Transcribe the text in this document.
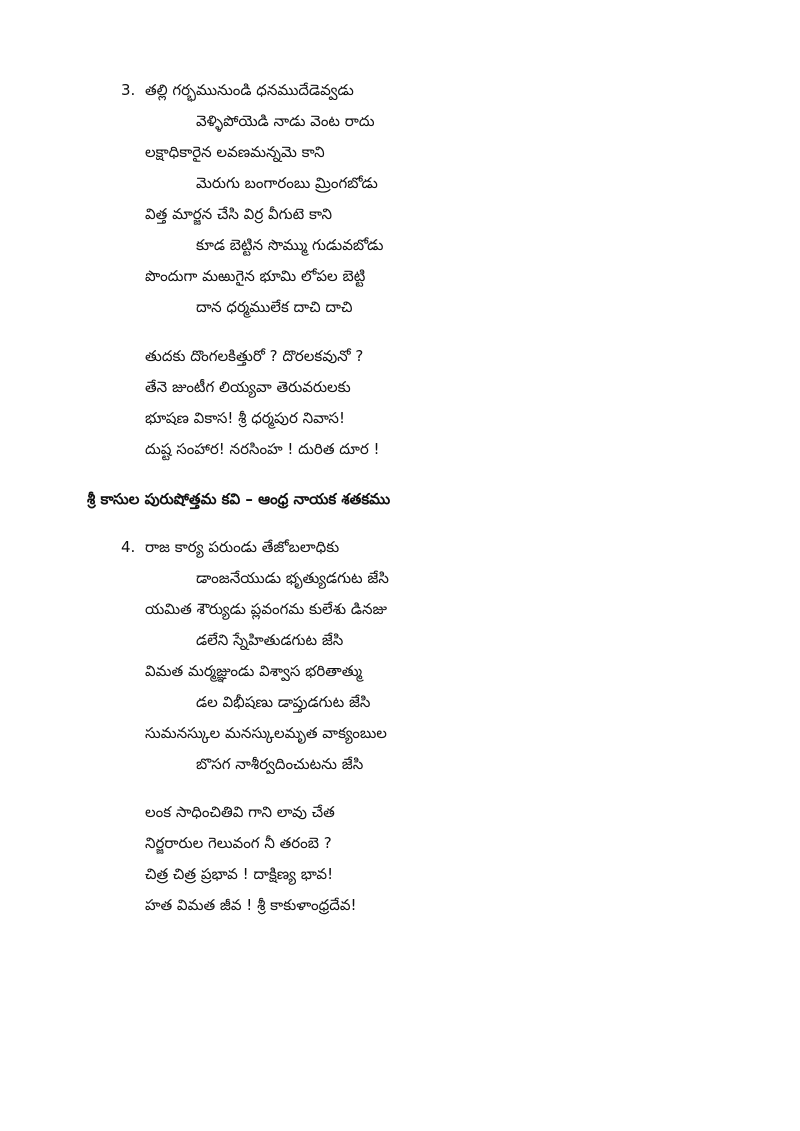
3. తల్లి గర్భమునుండి ధనముదేడెవ్వడు
వెళ్ళిపోయెడి నాడు వెంట రాదు
లక్షాధికారైన లవణమన్నమె కాని
మెరుగు బంగారంబు మ్రింగబోడు
విత్త మార్జన చేసి విర్ర వీగుటె కాని
కూడ బెట్టిన సొమ్ము గుడువబోడు
పొందుగా మఱుగైన భూమి లోపల బెట్టి
దాన ధర్మములేక దాచి దాచి
తుదకు దొంగలకిత్తురో ? దొరలకవునో ?
తేనె జుంటీగ లియ్యవా తెరువరులకు
భూషణ వికాస! శ్రీ ధర్మపుర నివాస!
దుష్ట సంహార! నరసింహ ! దురిత దూర !
శ్రీ కాసుల పురుషోత్తమ కవి – ఆంధ్ర నాయక శతకము
4. రాజ కార్య పరుండు తేజోబలాధికు
డాంజనేయుడు భృత్యుడగుట జేసి
యమిత శౌర్యుడు ప్లవంగమ కులేశు డినజు
డలేని స్నేహితుడగుట జేసి
విమత మర్మజ్ఞుండు విశ్వాస భరితాత్ము
డల విభీషణు డాప్తుడగుట జేసి
సుమనస్కుల మనస్కులమృత వాక్యంబుల
బొసగ నాశీర్వదించుటను జేసి
లంక సాధించితివి గాని లావు చేత
నిర్జరారుల గెలువంగ నీ తరంబె ?
చిత్ర చిత్ర ప్రభావ ! దాక్షిణ్య భావ!
హత విమత జీవ ! శ్రీ కాకుళాంధ్రదేవ!
